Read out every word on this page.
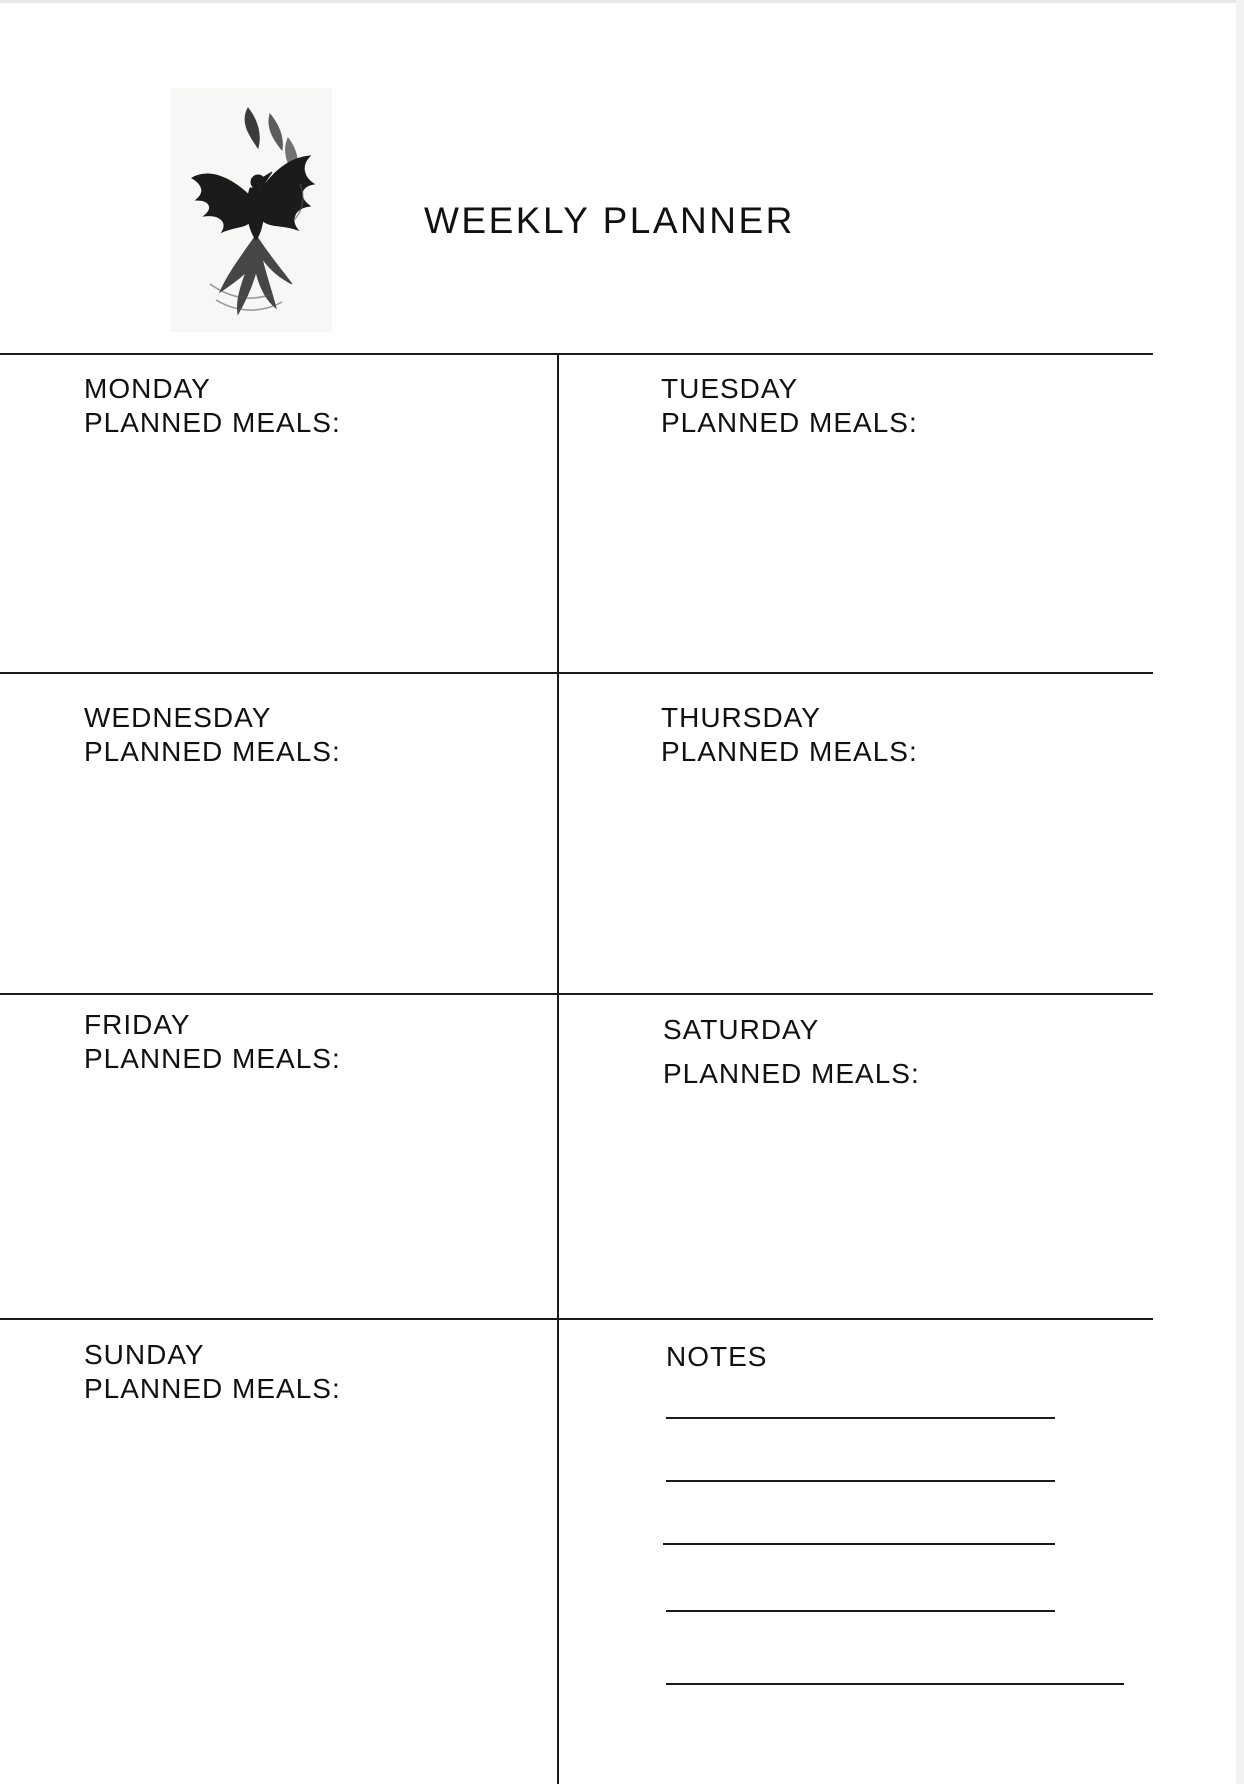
WEEKLY PLANNER
MONDAY
PLANNED MEALS:
TUESDAY
PLANNED MEALS:
WEDNESDAY
PLANNED MEALS:
THURSDAY
PLANNED MEALS:
FRIDAY
PLANNED MEALS:
SATURDAY
PLANNED MEALS:
SUNDAY
PLANNED MEALS:
NOTES
